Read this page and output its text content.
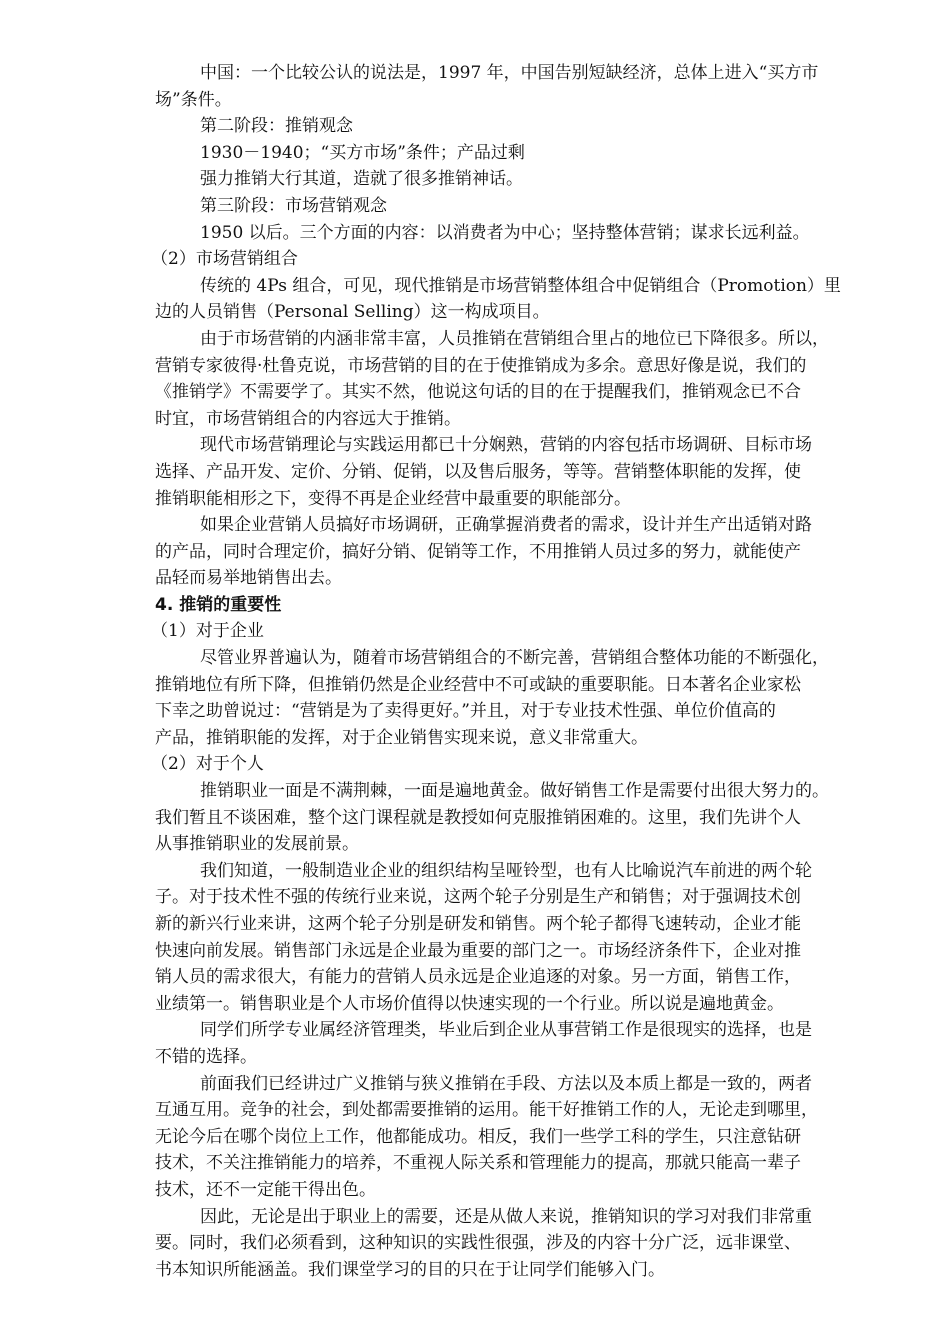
中国：一个比较公认的说法是，1997 年，中国告别短缺经济，总体上进入“买方市
场”条件。
第二阶段：推销观念
1930－1940；“买方市场”条件；产品过剩
强力推销大行其道，造就了很多推销神话。
第三阶段：市场营销观念
1950 以后。三个方面的内容：以消费者为中心；坚持整体营销；谋求长远利益。
（2）市场营销组合
传统的 4Ps 组合，可见，现代推销是市场营销整体组合中促销组合（Promotion）里
边的人员销售（Personal Selling）这一构成项目。
由于市场营销的内涵非常丰富，人员推销在营销组合里占的地位已下降很多。所以，
营销专家彼得·杜鲁克说，市场营销的目的在于使推销成为多余。意思好像是说，我们的
《推销学》不需要学了。其实不然，他说这句话的目的在于提醒我们，推销观念已不合
时宜，市场营销组合的内容远大于推销。
现代市场营销理论与实践运用都已十分娴熟，营销的内容包括市场调研、目标市场
选择、产品开发、定价、分销、促销，以及售后服务，等等。营销整体职能的发挥，使
推销职能相形之下，变得不再是企业经营中最重要的职能部分。
如果企业营销人员搞好市场调研，正确掌握消费者的需求，设计并生产出适销对路
的产品，同时合理定价，搞好分销、促销等工作，不用推销人员过多的努力，就能使产
品轻而易举地销售出去。
4. 推销的重要性
（1）对于企业
尽管业界普遍认为，随着市场营销组合的不断完善，营销组合整体功能的不断强化，
推销地位有所下降，但推销仍然是企业经营中不可或缺的重要职能。日本著名企业家松
下幸之助曾说过：“营销是为了卖得更好。”并且，对于专业技术性强、单位价值高的
产品，推销职能的发挥，对于企业销售实现来说，意义非常重大。
（2）对于个人
推销职业一面是不满荆棘，一面是遍地黄金。做好销售工作是需要付出很大努力的。
我们暂且不谈困难，整个这门课程就是教授如何克服推销困难的。这里，我们先讲个人
从事推销职业的发展前景。
我们知道，一般制造业企业的组织结构呈哑铃型，也有人比喻说汽车前进的两个轮
子。对于技术性不强的传统行业来说，这两个轮子分别是生产和销售；对于强调技术创
新的新兴行业来讲，这两个轮子分别是研发和销售。两个轮子都得飞速转动，企业才能
快速向前发展。销售部门永远是企业最为重要的部门之一。市场经济条件下，企业对推
销人员的需求很大，有能力的营销人员永远是企业追逐的对象。另一方面，销售工作，
业绩第一。销售职业是个人市场价值得以快速实现的一个行业。所以说是遍地黄金。
同学们所学专业属经济管理类，毕业后到企业从事营销工作是很现实的选择，也是
不错的选择。
前面我们已经讲过广义推销与狭义推销在手段、方法以及本质上都是一致的，两者
互通互用。竞争的社会，到处都需要推销的运用。能干好推销工作的人，无论走到哪里，
无论今后在哪个岗位上工作，他都能成功。相反，我们一些学工科的学生，只注意钻研
技术，不关注推销能力的培养，不重视人际关系和管理能力的提高，那就只能高一辈子
技术，还不一定能干得出色。
因此，无论是出于职业上的需要，还是从做人来说，推销知识的学习对我们非常重
要。同时，我们必须看到，这种知识的实践性很强，涉及的内容十分广泛，远非课堂、
书本知识所能涵盖。我们课堂学习的目的只在于让同学们能够入门。
